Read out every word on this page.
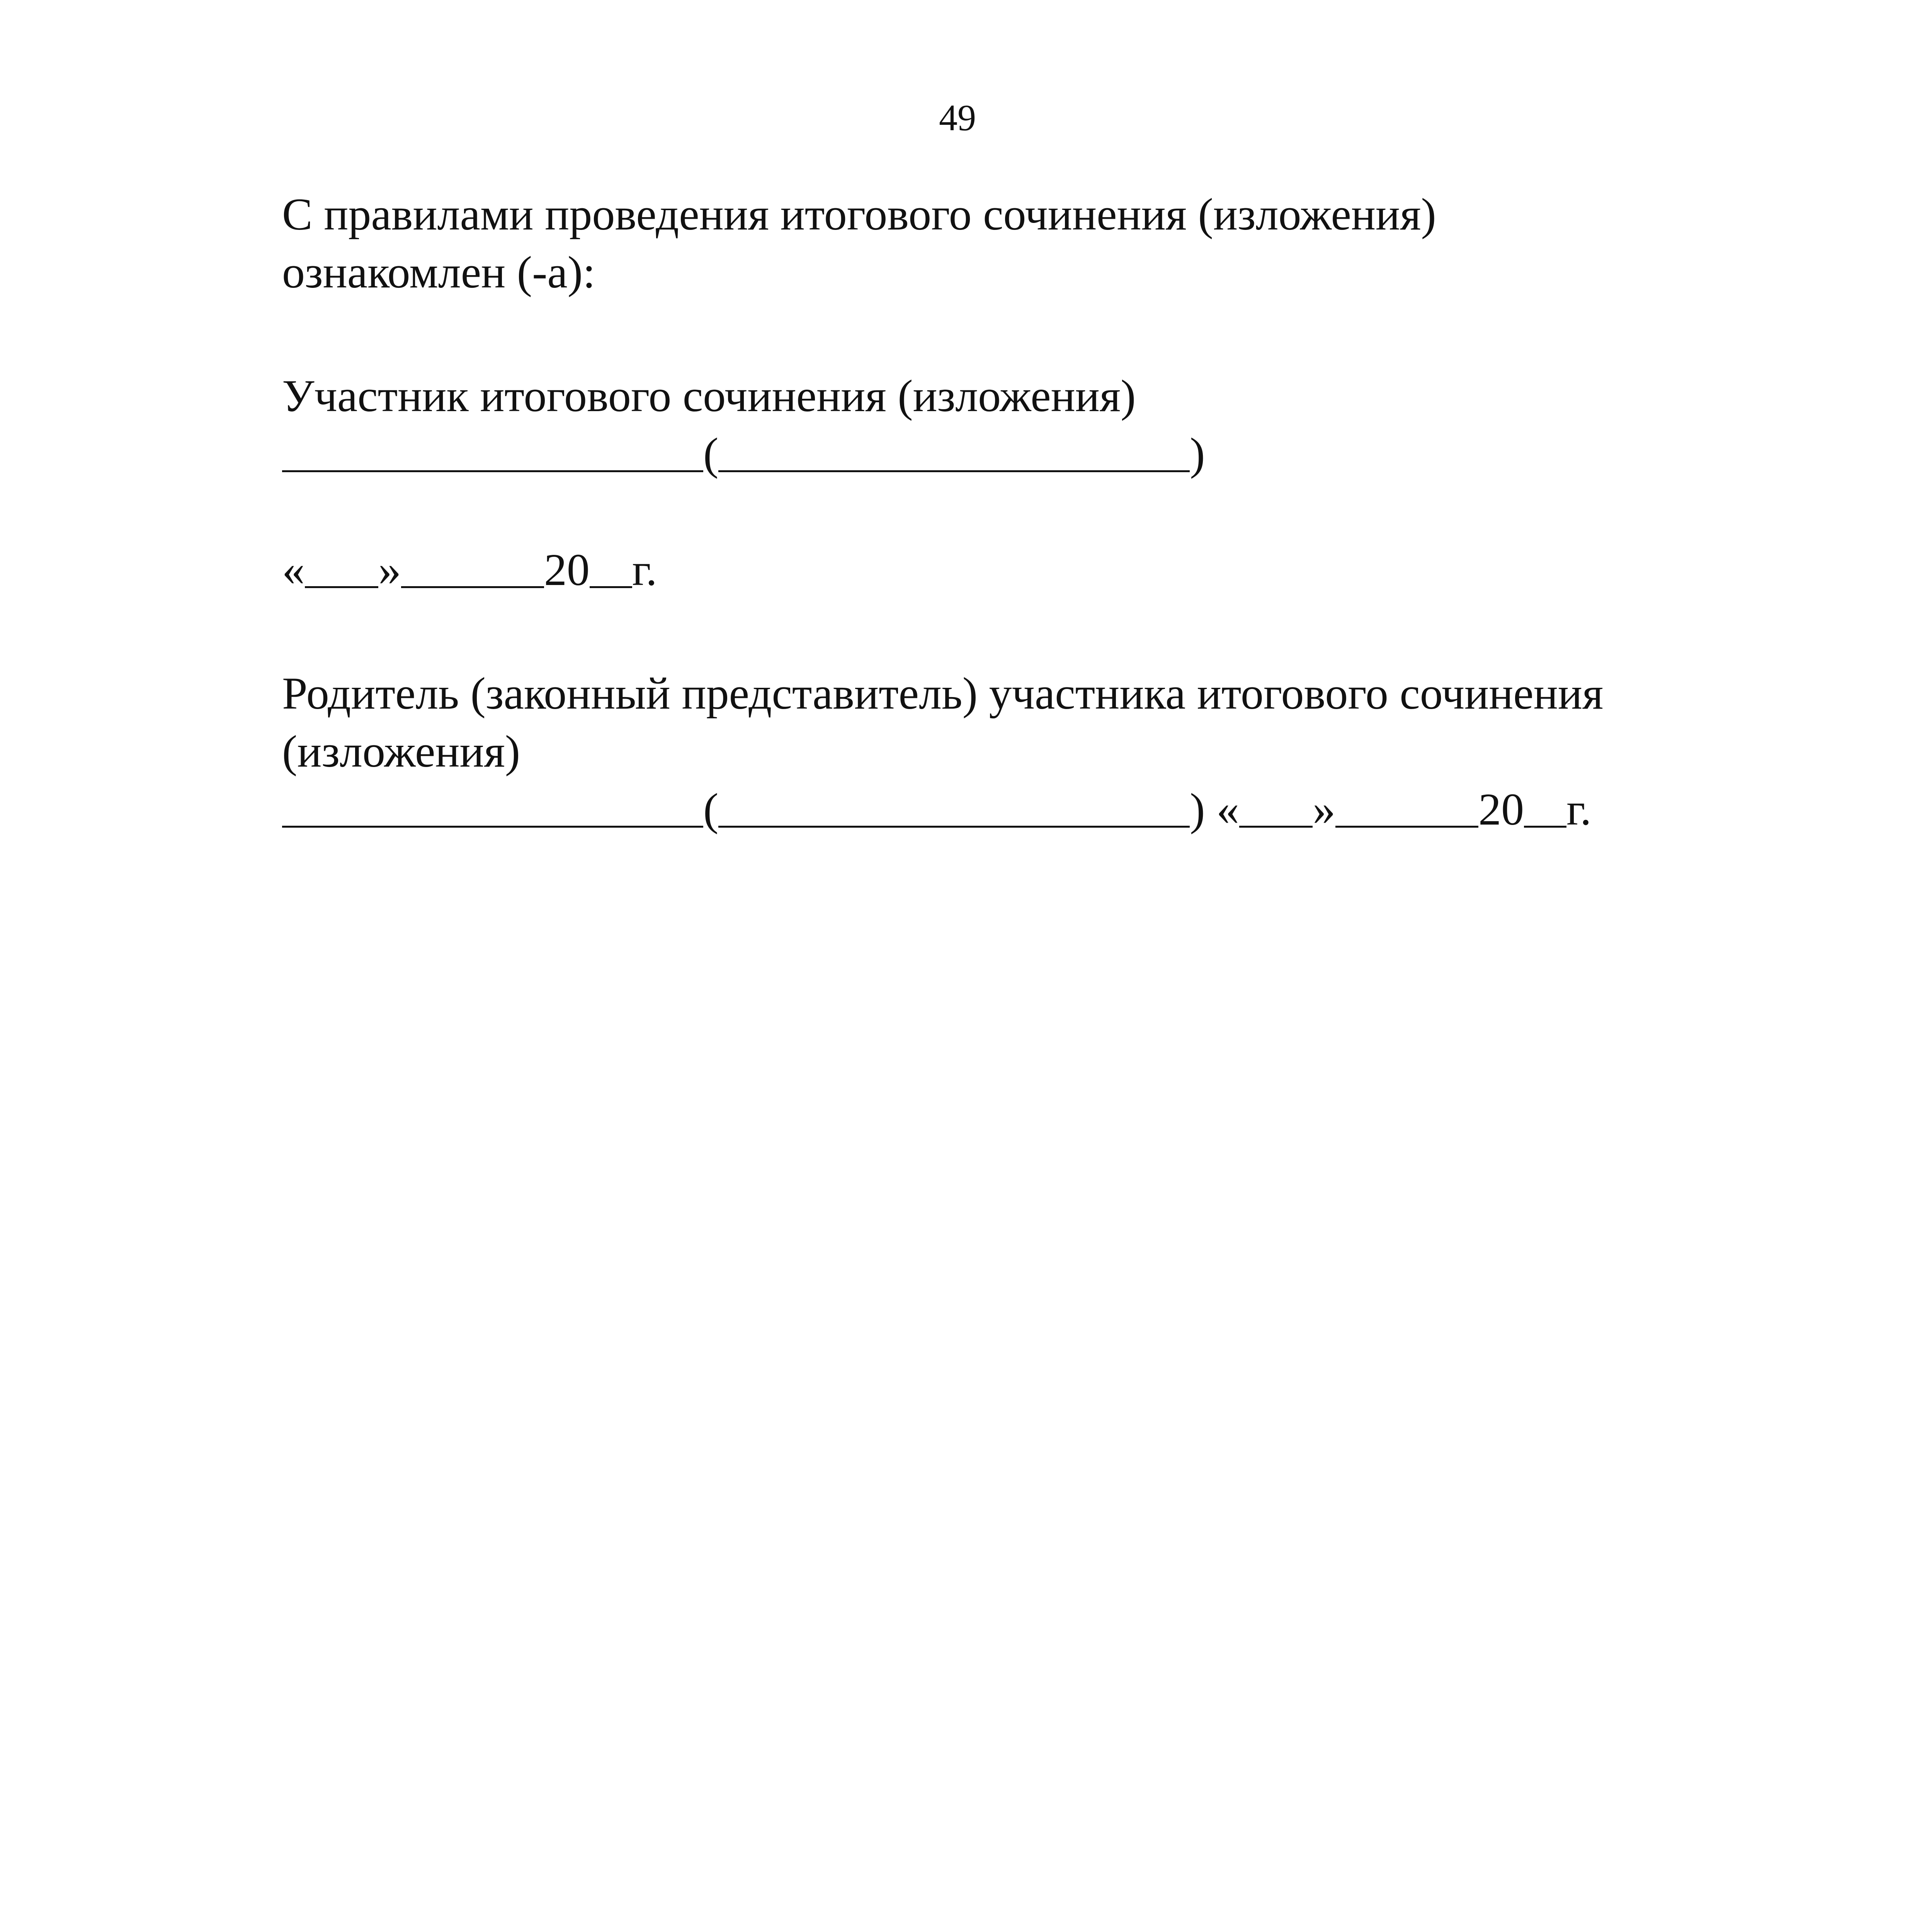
49

С правилами проведения итогового сочинения (изложения)

ознакомлен (-а):

Участник итогового сочинения (изложения)

(	)
« »	20 г.

Родитель (законный представитель) участника итогового сочинения

(изложения)

(	) « »	20 г.
